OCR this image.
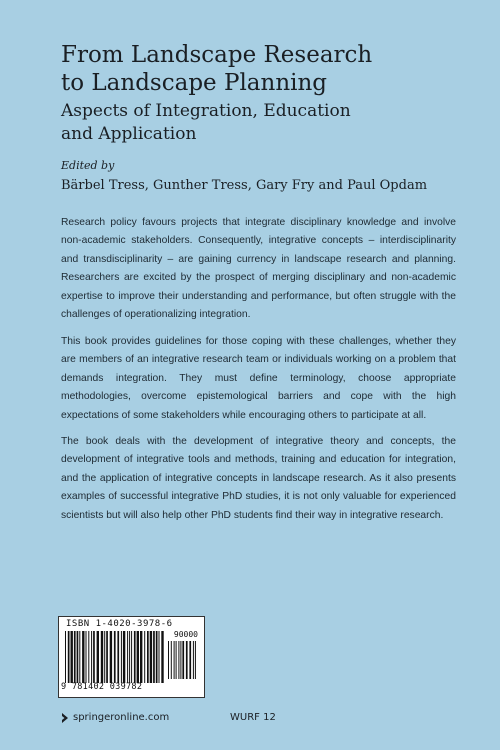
From Landscape Research
to Landscape Planning
Aspects of Integration, Education
and Application
Edited by
Bärbel Tress, Gunther Tress, Gary Fry and Paul Opdam
Research policy favours projects that integrate disciplinary knowledge and involve non-academic stakeholders. Consequently, integrative concepts – interdisciplinarity and transdisciplinarity – are gaining currency in landscape research and planning. Researchers are excited by the prospect of merging disciplinary and non-academic expertise to improve their understanding and performance, but often struggle with the challenges of operationalizing integration.
This book provides guidelines for those coping with these challenges, whether they are members of an integrative research team or individuals working on a problem that demands integration. They must define terminology, choose appropriate methodologies, overcome epistemological barriers and cope with the high expectations of some stakeholders while encouraging others to participate at all.
The book deals with the development of integrative theory and concepts, the development of integrative tools and methods, training and education for integration, and the application of integrative concepts in landscape research. As it also presents examples of successful integrative PhD studies, it is not only valuable for experienced scientists but will also help other PhD students find their way in integrative research.
ISBN 1-4020-3978-6
90000
9 781402 039782
springeronline.com	WURF 12
